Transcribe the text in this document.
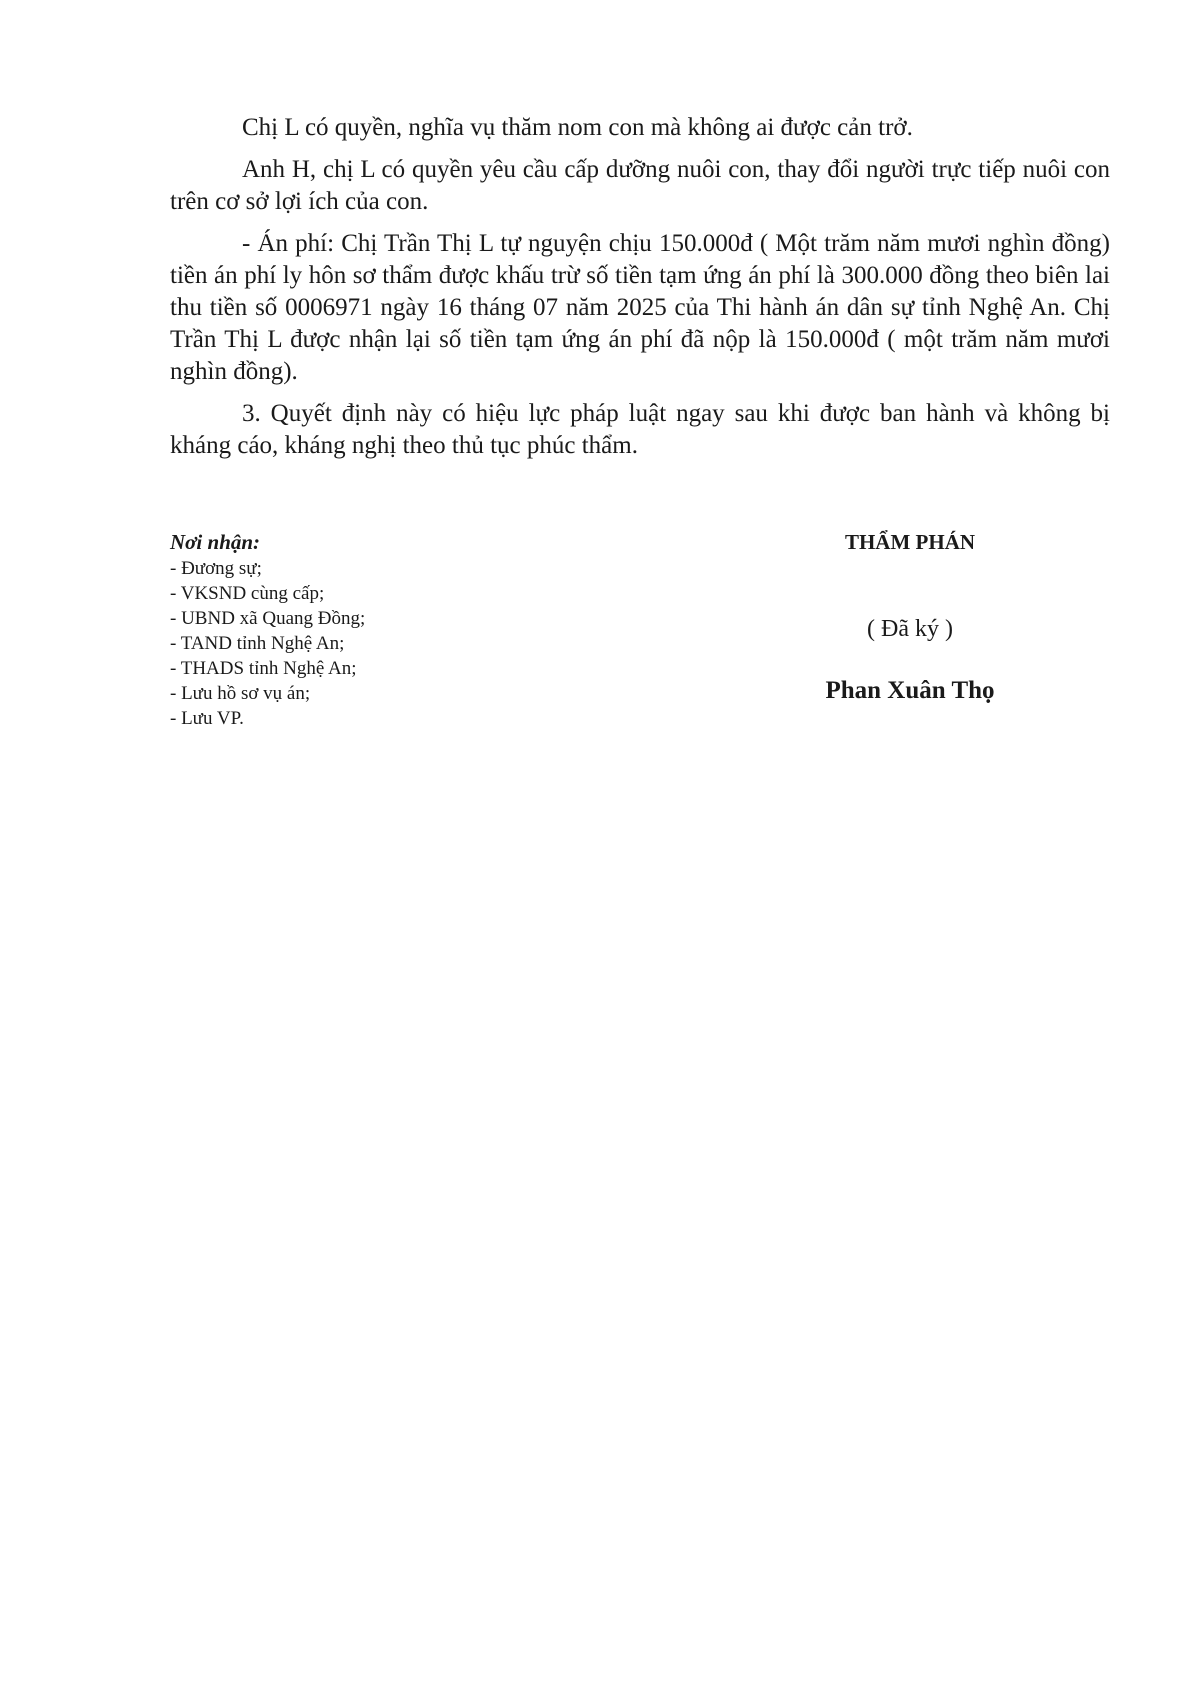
Chị L có quyền, nghĩa vụ thăm nom con mà không ai được cản trở.

Anh H, chị L có quyền yêu cầu cấp dưỡng nuôi con, thay đổi người trực tiếp nuôi con trên cơ sở lợi ích của con.

- Án phí: Chị Trần Thị L tự nguyện chịu 150.000đ ( Một trăm năm mươi nghìn đồng) tiền án phí ly hôn sơ thẩm được khấu trừ số tiền tạm ứng án phí là 300.000 đồng theo biên lai thu tiền số 0006971 ngày 16 tháng 07 năm 2025 của Thi hành án dân sự tỉnh Nghệ An. Chị Trần Thị L được nhận lại số tiền tạm ứng án phí đã nộp là 150.000đ ( một trăm năm mươi nghìn đồng).

3. Quyết định này có hiệu lực pháp luật ngay sau khi được ban hành và không bị kháng cáo, kháng nghị theo thủ tục phúc thẩm.

Nơi nhận:
- Đương sự;
- VKSND cùng cấp;
- UBND xã Quang Đồng;
- TAND tỉnh Nghệ An;
- THADS tỉnh Nghệ An;
- Lưu hồ sơ vụ án;
- Lưu VP.
THẨM PHÁN
( Đã ký )
Phan Xuân Thọ
